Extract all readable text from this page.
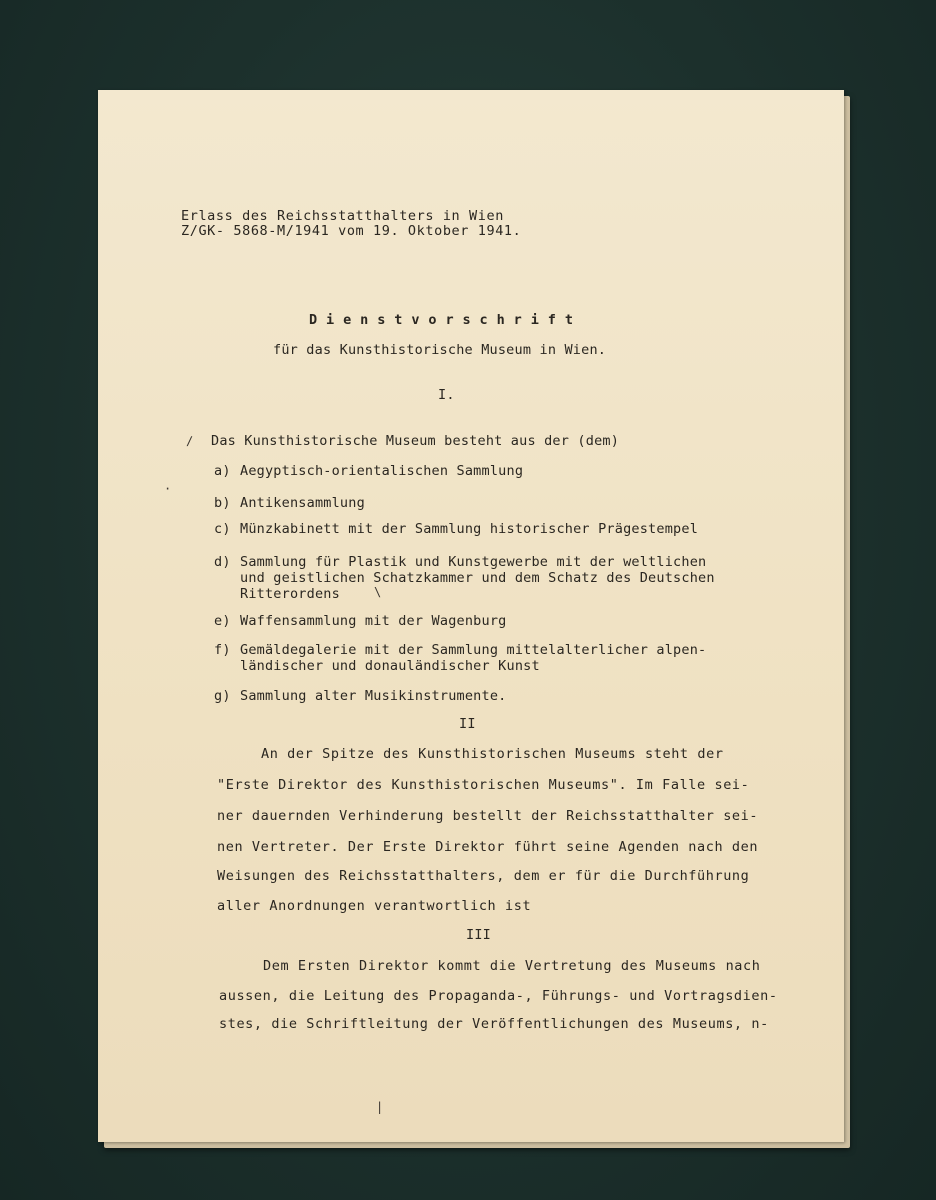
Erlass des Reichsstatthalters in Wien
Z/GK- 5868-M/1941 vom 19. Oktober 1941.
D i e n s t v o r s c h r i f t
für das Kunsthistorische Museum in Wien.
I.
Das Kunsthistorische Museum besteht aus der (dem)
a) Aegyptisch-orientalischen Sammlung
b) Antikensammlung
c) Münzkabinett mit der Sammlung historischer Prägestempel
d) Sammlung für Plastik und Kunstgewerbe mit der weltlichen
und geistlichen Schatzkammer und dem Schatz des Deutschen
Ritterordens
e) Waffensammlung mit der Wagenburg
f) Gemäldegalerie mit der Sammlung mittelalterlicher alpen-
ländischer und donauländischer Kunst
g) Sammlung alter Musikinstrumente.
II
An der Spitze des Kunsthistorischen Museums steht der
"Erste Direktor des Kunsthistorischen Museums". Im Falle sei-
ner dauernden Verhinderung bestellt der Reichsstatthalter sei-
nen Vertreter. Der Erste Direktor führt seine Agenden nach den
Weisungen des Reichsstatthalters, dem er für die Durchführung
aller Anordnungen verantwortlich ist
III
Dem Ersten Direktor kommt die Vertretung des Museums nach
aussen, die Leitung des Propaganda-, Führungs- und Vortragsdien-
stes, die Schriftleitung der Veröffentlichungen des Museums, n-
∕
·
\
|
